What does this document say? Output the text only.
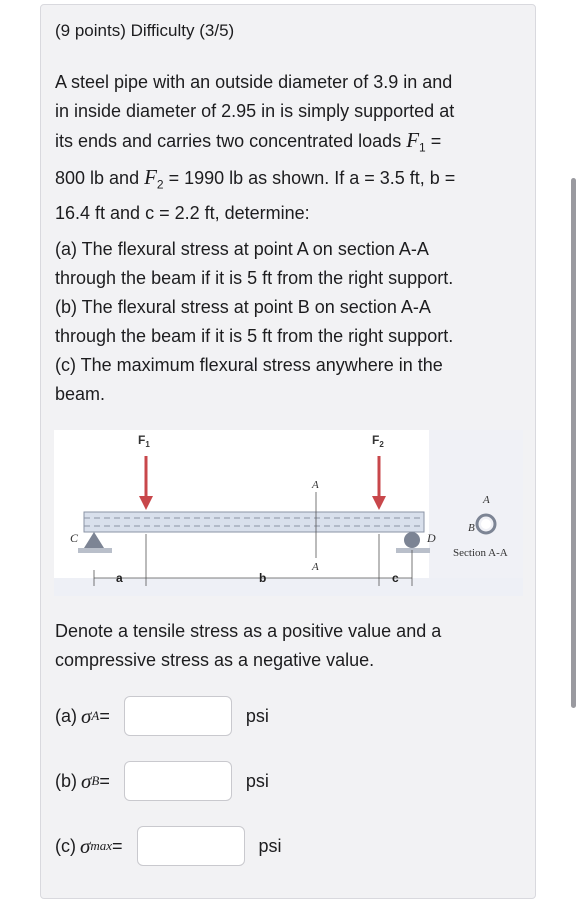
(9 points) Difficulty (3/5)
A steel pipe with an outside diameter of 3.9 in and
in inside diameter of 2.95 in is simply supported at
its ends and carries two concentrated loads $F_1$ =
800 lb and $F_2 = 1990$ lb as shown. If a = 3.5 ft, b =
16.4 ft and c = 2.2 ft, determine:
(a) The flexural stress at point A on section A-A
through the beam if it is 5 ft from the right support.
(b) The flexural stress at point B on section A-A
through the beam if it is 5 ft from the right support.
(c) The maximum flexural stress anywhere in the
beam.
C	D
$F_1$	$F_2$
A
A
a	b	c
A
B
Section A-A
Denote a tensile stress as a positive value and a
compressive stress as a negative value.
(a) σ A =	psi
(b) σ B =	psi
(c) σ max =	psi
